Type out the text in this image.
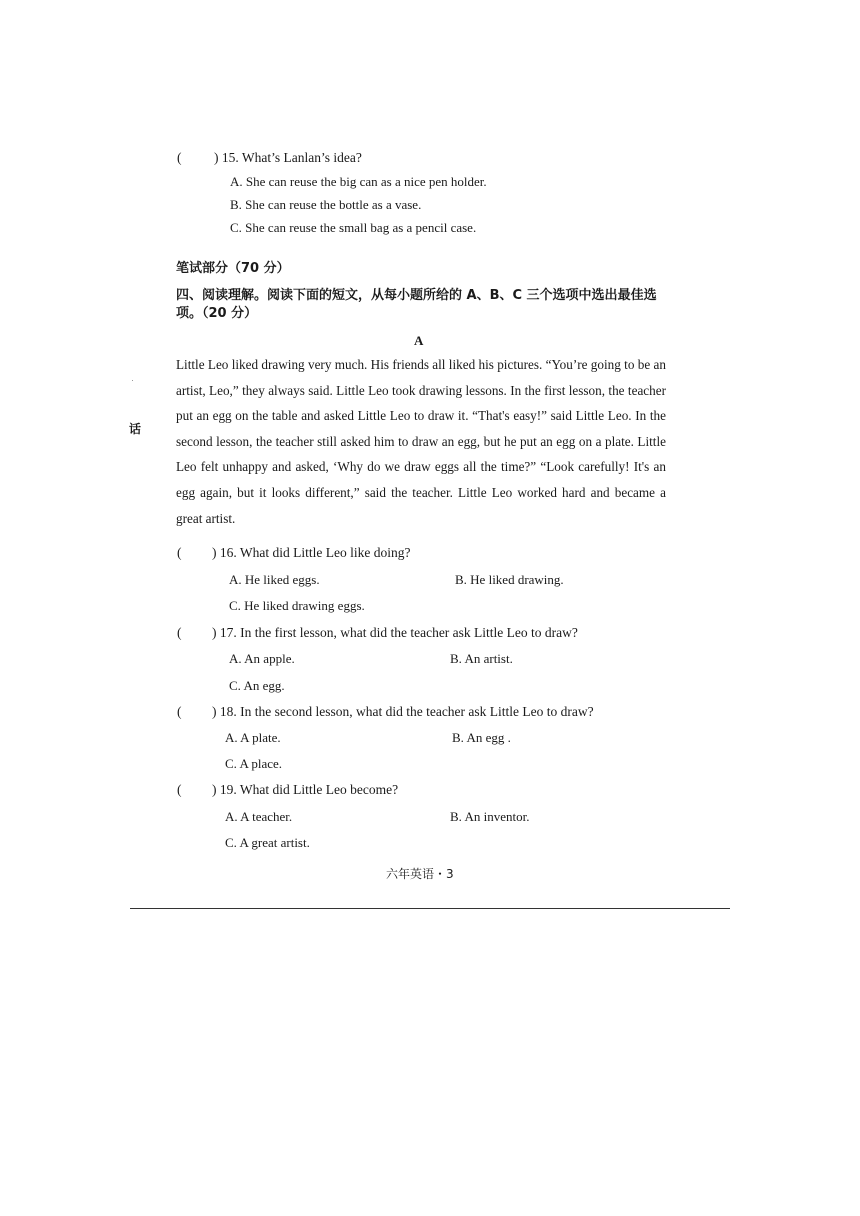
( ) 15. What’s Lanlan’s idea?
A. She can reuse the big can as a nice pen holder.
B. She can reuse the bottle as a vase.
C. She can reuse the small bag as a pencil case.
笔试部分（70 分）
四、阅读理解。阅读下面的短文，从每小题所给的 A、B、C 三个选项中选出最佳选
项。（20 分）
A
Little Leo liked drawing very much. His friends all liked his pictures. “You’re going to be an artist, Leo,” they always said. Little Leo took drawing lessons. In the first lesson, the teacher put an egg on the table and asked Little Leo to draw it. “That's easy!” said Little Leo. In the second lesson, the teacher still asked him to draw an egg, but he put an egg on a plate. Little Leo felt unhappy and asked, ‘Why do we draw eggs all the time?” “Look carefully! It's an egg again, but it looks different,” said the teacher. Little Leo worked hard and became a great artist.
话
( ) 16. What did Little Leo like doing?
A. He liked eggs.	B. He liked drawing.
C. He liked drawing eggs.
( ) 17. In the first lesson, what did the teacher ask Little Leo to draw?
A. An apple.	B. An artist.
C. An egg.
( ) 18. In the second lesson, what did the teacher ask Little Leo to draw?
A. A plate.	B. An egg .
C. A place.
( ) 19. What did Little Leo become?
A. A teacher.	B. An inventor.
C. A great artist.
六年英语・3
